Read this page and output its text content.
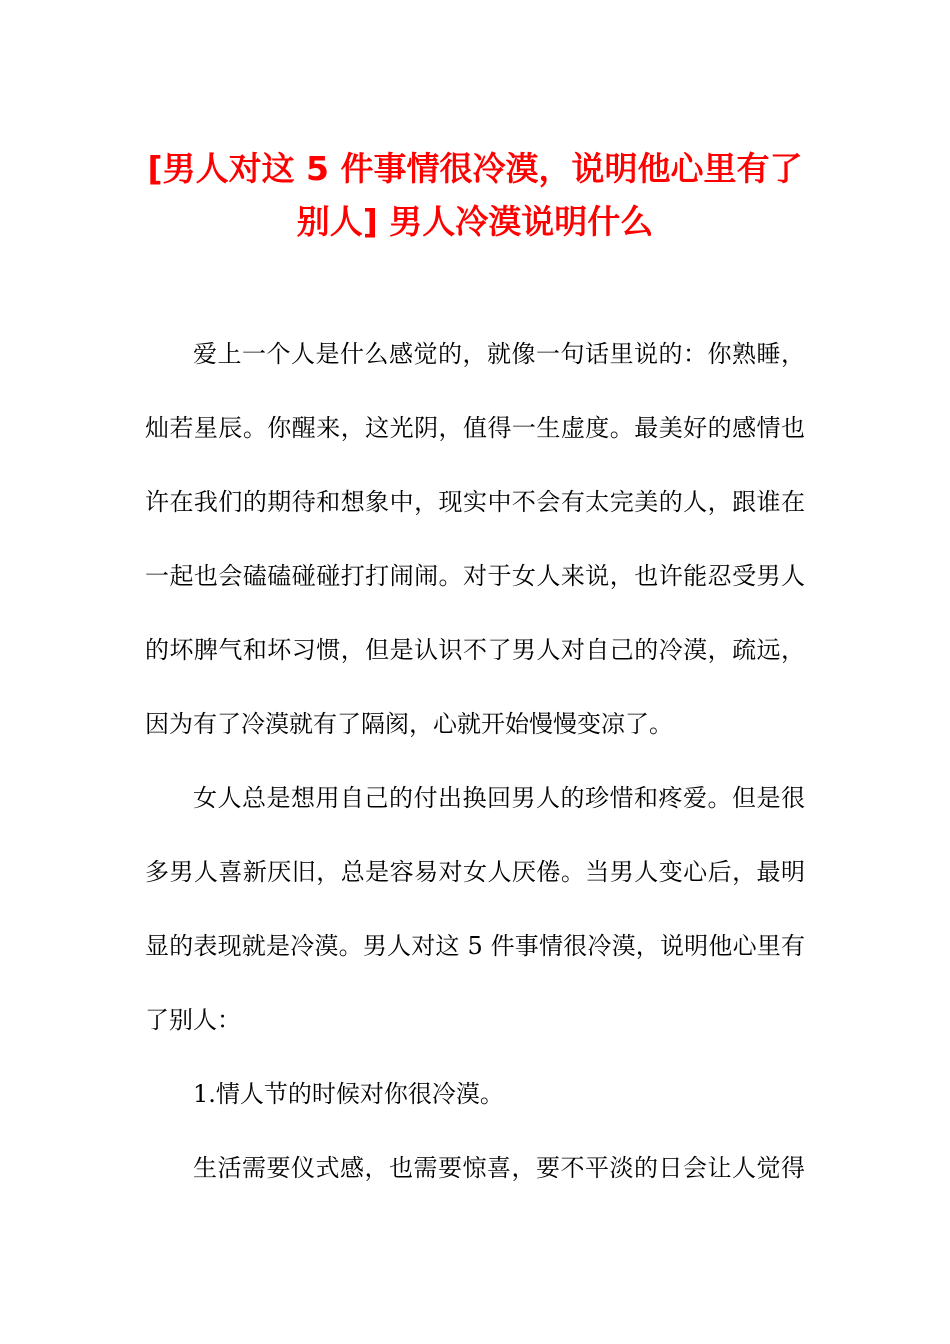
[男人对这 5 件事情很冷漠，说明他心里有了
别人] 男人冷漠说明什么
爱上一个人是什么感觉的，就像一句话里说的：你熟睡，
灿若星辰。你醒来，这光阴，值得一生虚度。最美好的感情也
许在我们的期待和想象中，现实中不会有太完美的人，跟谁在
一起也会磕磕碰碰打打闹闹。对于女人来说，也许能忍受男人
的坏脾气和坏习惯，但是认识不了男人对自己的冷漠，疏远，
因为有了冷漠就有了隔阂，心就开始慢慢变凉了。
女人总是想用自己的付出换回男人的珍惜和疼爱。但是很
多男人喜新厌旧，总是容易对女人厌倦。当男人变心后，最明
显的表现就是冷漠。男人对这 5 件事情很冷漠，说明他心里有
了别人：
1.情人节的时候对你很冷漠。
生活需要仪式感，也需要惊喜，要不平淡的日会让人觉得
